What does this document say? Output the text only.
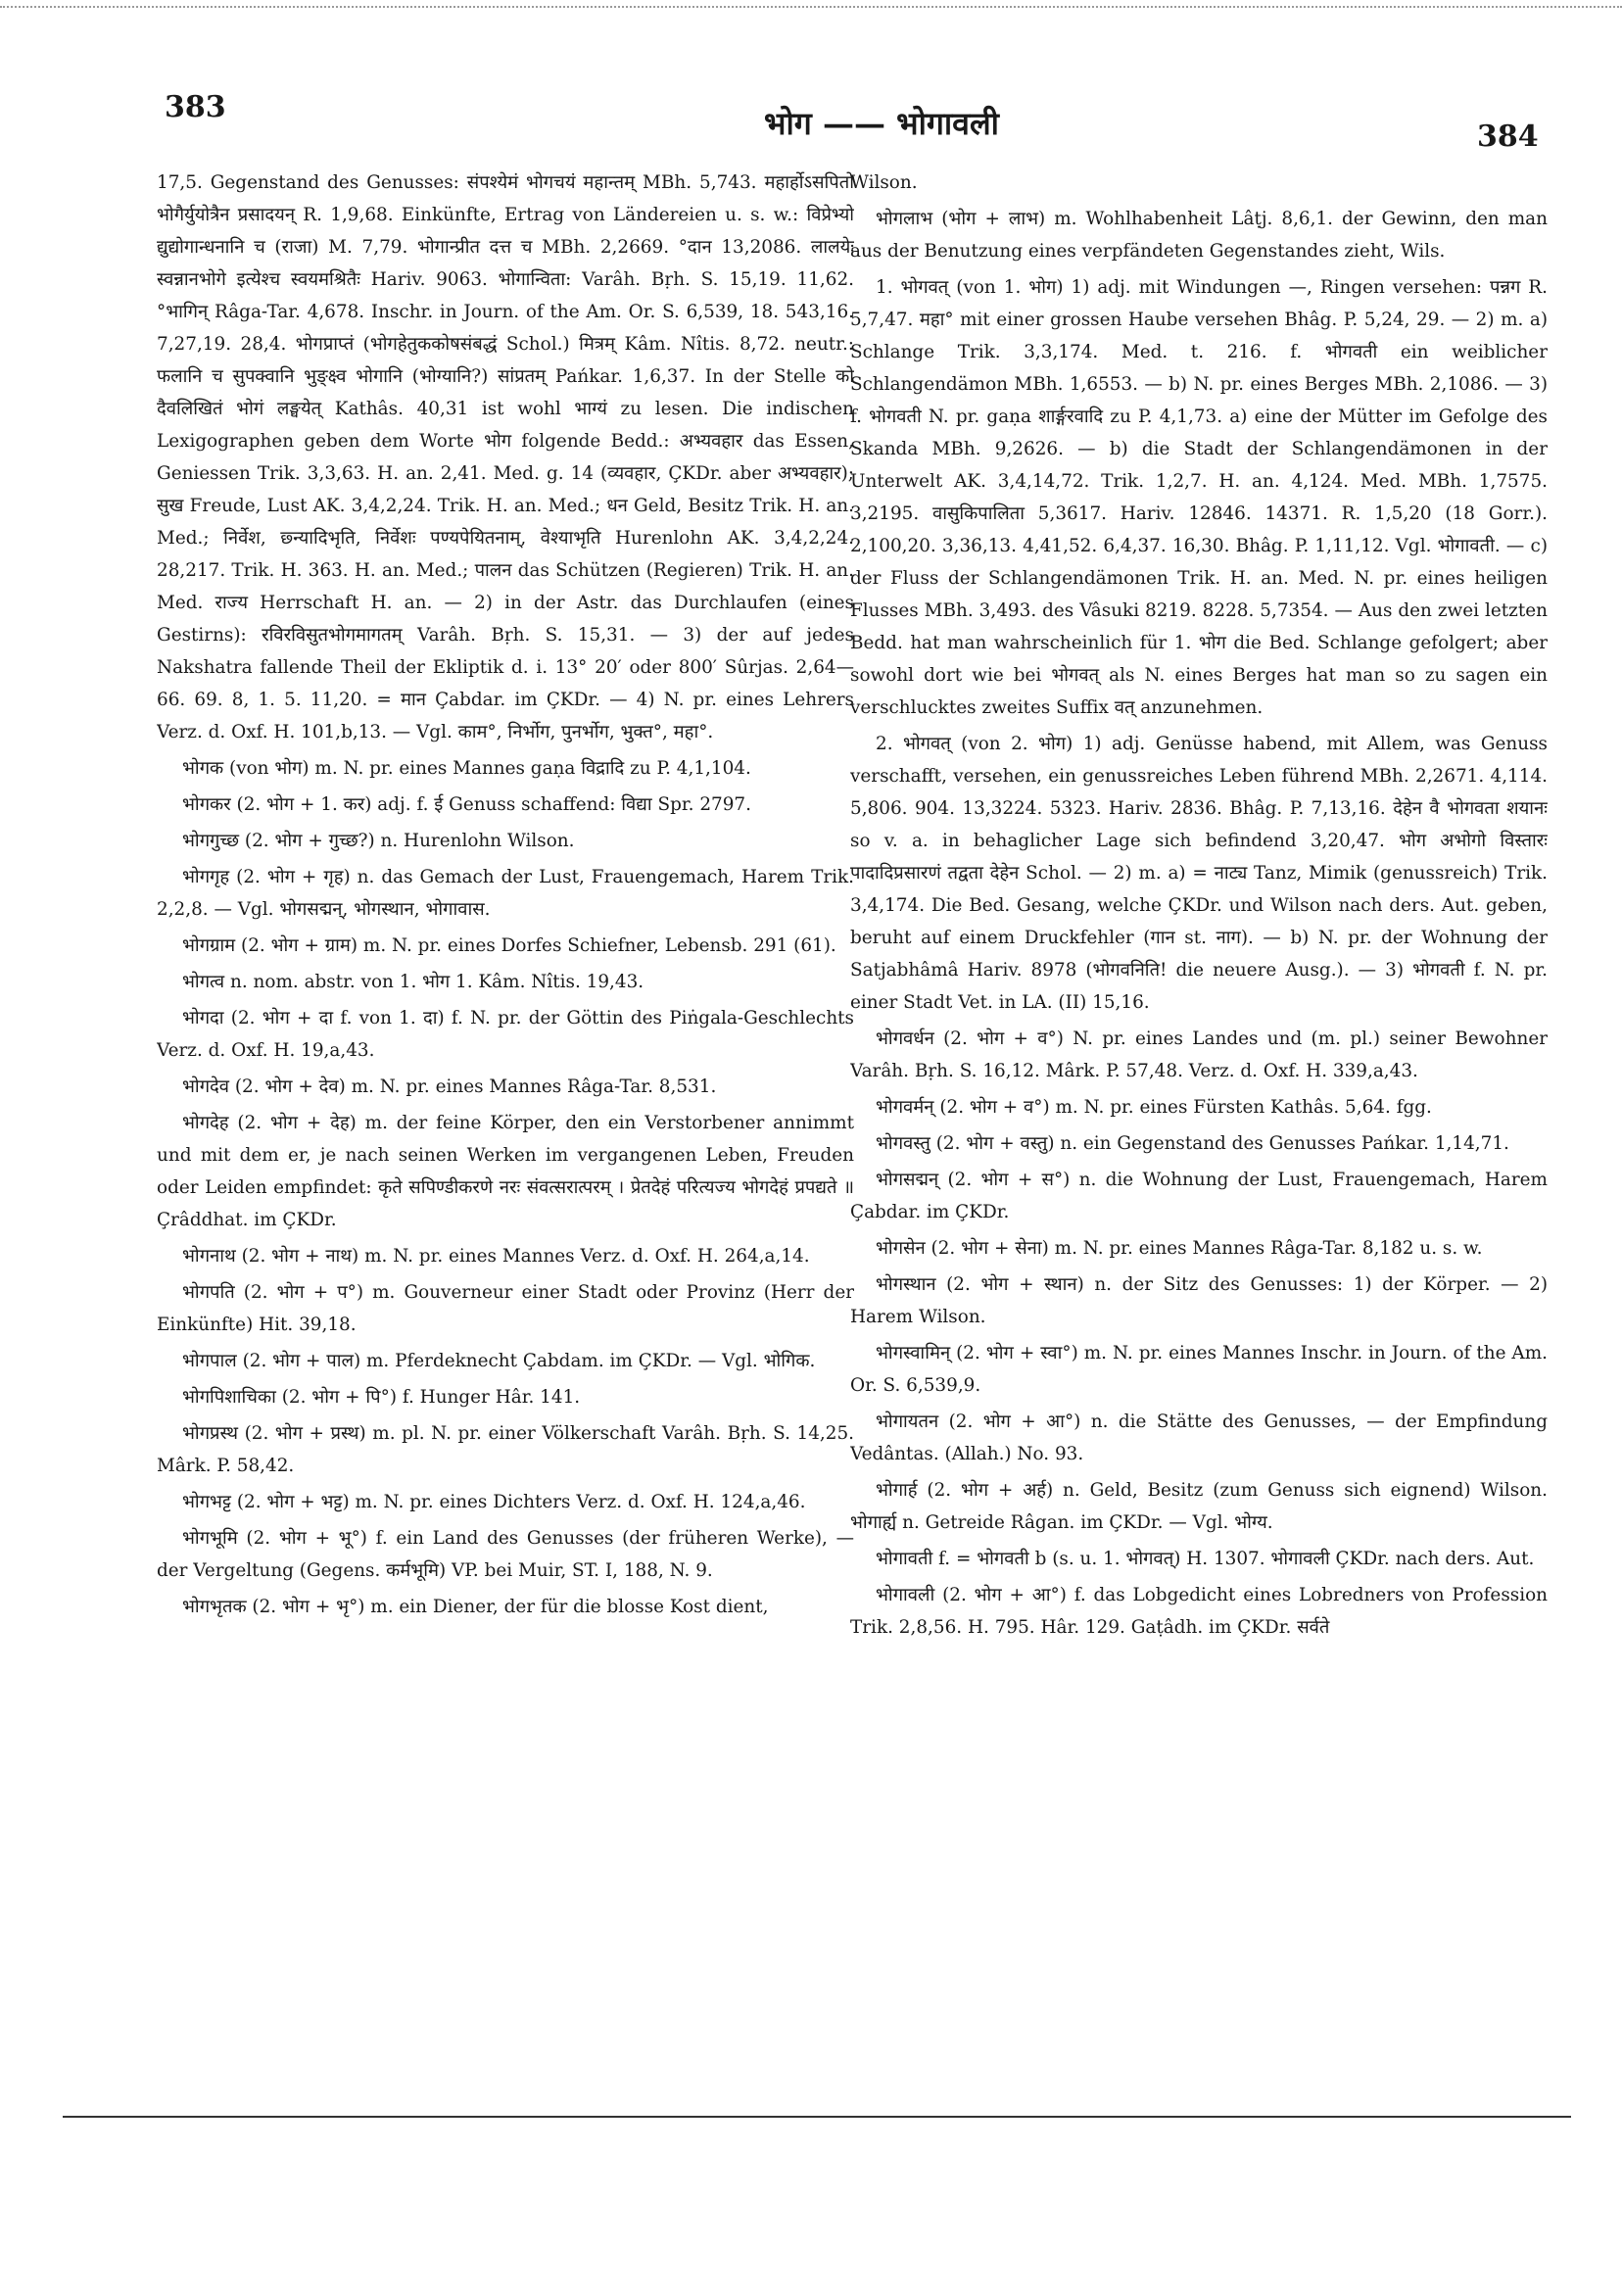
383	भोग —— भोगावली	384

17,5. Gegenstand des Genusses: संपश्येमं भोगचयं महान्तम् MBh. 5,743. महार्होऽसपितो भोगैर्युयोत्रैन प्रसादयन् R. 1,9,68. Einkünfte, Ertrag von Ländereien u. s. w.: विप्रेभ्यो द्युद्योगान्धनानि च (राजा) M. 7,79. भोगान्प्रीत दत्त च MBh. 2,2669. °दान 13,2086. लालयेः स्वन्नानभोगे इत्येश्च स्वयमश्रितैः Hariv. 9063. भोगान्विता: Varâh. Bṛh. S. 15,19. 11,62. °भागिन् Râga-Tar. 4,678. Inschr. in Journ. of the Am. Or. S. 6,539, 18. 543,16. 7,27,19. 28,4. भोगप्राप्तं (भोगहेतुककोषसंबद्धं Schol.) मित्रम् Kâm. Nîtis. 8,72. neutr.: फलानि च सुपक्वानि भुङ्क्ष्व भोगानि (भोग्यानि?) सांप्रतम् Pańkar. 1,6,37. In der Stelle को दैवलिखितं भोगं लङ्घयेत् Kathâs. 40,31 ist wohl भाग्यं zu lesen. Die indischen Lexigographen geben dem Worte भोग folgende Bedd.: अभ्यवहार das Essen, Geniessen Trik. 3,3,63. H. an. 2,41. Med. g. 14 (व्यवहार, ÇKDr. aber अभ्यवहार); सुख Freude, Lust AK. 3,4,2,24. Trik. H. an. Med.; धन Geld, Besitz Trik. H. an. Med.; निर्वेश, छ्न्यादिभृति, निर्वेशः पण्यपेयितनाम्, वेश्याभृति Hurenlohn AK. 3,4,2,24. 28,217. Trik. H. 363. H. an. Med.; पालन das Schützen (Regieren) Trik. H. an. Med. राज्य Herrschaft H. an. — 2) in der Astr. das Durchlaufen (eines Gestirns): रविरविसुतभोगमागतम् Varâh. Bṛh. S. 15,31. — 3) der auf jedes Nakshatra fallende Theil der Ekliptik d. i. 13° 20′ oder 800′ Sûrjas. 2,64—66. 69. 8, 1. 5. 11,20. = मान Çabdar. im ÇKDr. — 4) N. pr. eines Lehrers Verz. d. Oxf. H. 101,b,13. — Vgl. काम°, निर्भोग, पुनर्भोग, भुक्त°, महा°.

भोगक (von भोग) m. N. pr. eines Mannes gaṇa विद्रादि zu P. 4,1,104.

भोगकर (2. भोग + 1. कर) adj. f. ई Genuss schaffend: विद्या Spr. 2797.

भोगगुच्छ (2. भोग + गुच्छ?) n. Hurenlohn Wilson.

भोगगृह (2. भोग + गृह) n. das Gemach der Lust, Frauengemach, Harem Trik. 2,2,8. — Vgl. भोगसद्मन्, भोगस्थान, भोगावास.

भोगग्राम (2. भोग + ग्राम) m. N. pr. eines Dorfes Schiefner, Lebensb. 291 (61).

भोगत्व n. nom. abstr. von 1. भोग 1. Kâm. Nîtis. 19,43.

भोगदा (2. भोग + दा f. von 1. दा) f. N. pr. der Göttin des Piṅgala-Geschlechts Verz. d. Oxf. H. 19,a,43.

भोगदेव (2. भोग + देव) m. N. pr. eines Mannes Râga-Tar. 8,531.

भोगदेह (2. भोग + देह) m. der feine Körper, den ein Verstorbener annimmt und mit dem er, je nach seinen Werken im vergangenen Leben, Freuden oder Leiden empfindet: कृते सपिण्डीकरणे नरः संवत्सरात्परम् । प्रेतदेहं परित्यज्य भोगदेहं प्रपद्यते ॥ Çrâddhat. im ÇKDr.

भोगनाथ (2. भोग + नाथ) m. N. pr. eines Mannes Verz. d. Oxf. H. 264,a,14.

भोगपति (2. भोग + प°) m. Gouverneur einer Stadt oder Provinz (Herr der Einkünfte) Hit. 39,18.

भोगपाल (2. भोग + पाल) m. Pferdeknecht Çabdam. im ÇKDr. — Vgl. भोगिक.

भोगपिशाचिका (2. भोग + पि°) f. Hunger Hâr. 141.

भोगप्रस्थ (2. भोग + प्रस्थ) m. pl. N. pr. einer Völkerschaft Varâh. Bṛh. S. 14,25. Mârk. P. 58,42.

भोगभट्ट (2. भोग + भट्ट) m. N. pr. eines Dichters Verz. d. Oxf. H. 124,a,46.

भोगभूमि (2. भोग + भू°) f. ein Land des Genusses (der früheren Werke), — der Vergeltung (Gegens. कर्मभूमि) VP. bei Muir, ST. I, 188, N. 9.

भोगभृतक (2. भोग + भृ°) m. ein Diener, der für die blosse Kost dient,

Wilson.

भोगलाभ (भोग + लाभ) m. Wohlhabenheit Lâṭj. 8,6,1. der Gewinn, den man aus der Benutzung eines verpfändeten Gegenstandes zieht, Wils.

1. भोगवत् (von 1. भोग) 1) adj. mit Windungen —, Ringen versehen: पन्नग R. 5,7,47. महा° mit einer grossen Haube versehen Bhâg. P. 5,24, 29. — 2) m. a) Schlange Trik. 3,3,174. Med. t. 216. f. भोगवती ein weiblicher Schlangendämon MBh. 1,6553. — b) N. pr. eines Berges MBh. 2,1086. — 3) f. भोगवती N. pr. gaṇa शार्ङ्गरवादि zu P. 4,1,73. a) eine der Mütter im Gefolge des Skanda MBh. 9,2626. — b) die Stadt der Schlangendämonen in der Unterwelt AK. 3,4,14,72. Trik. 1,2,7. H. an. 4,124. Med. MBh. 1,7575. 3,2195. वासुकिपालिता 5,3617. Hariv. 12846. 14371. R. 1,5,20 (18 Gorr.). 2,100,20. 3,36,13. 4,41,52. 6,4,37. 16,30. Bhâg. P. 1,11,12. Vgl. भोगावती. — c) der Fluss der Schlangendämonen Trik. H. an. Med. N. pr. eines heiligen Flusses MBh. 3,493. des Vâsuki 8219. 8228. 5,7354. — Aus den zwei letzten Bedd. hat man wahrscheinlich für 1. भोग die Bed. Schlange gefolgert; aber sowohl dort wie bei भोगवत् als N. eines Berges hat man so zu sagen ein verschlucktes zweites Suffix वत् anzunehmen.

2. भोगवत् (von 2. भोग) 1) adj. Genüsse habend, mit Allem, was Genuss verschafft, versehen, ein genussreiches Leben führend MBh. 2,2671. 4,114. 5,806. 904. 13,3224. 5323. Hariv. 2836. Bhâg. P. 7,13,16. देहेन वै भोगवता शयानः so v. a. in behaglicher Lage sich befindend 3,20,47. भोग अभोगो विस्तारः पादादिप्रसारणं तद्वता देहेन Schol. — 2) m. a) = नाट्य Tanz, Mimik (genussreich) Trik. 3,4,174. Die Bed. Gesang, welche ÇKDr. und Wilson nach ders. Aut. geben, beruht auf einem Druckfehler (गान st. नाग). — b) N. pr. der Wohnung der Satjabhâmâ Hariv. 8978 (भोगवनिति! die neuere Ausg.). — 3) भोगवती f. N. pr. einer Stadt Vet. in LA. (II) 15,16.

भोगवर्धन (2. भोग + व°) N. pr. eines Landes und (m. pl.) seiner Bewohner Varâh. Bṛh. S. 16,12. Mârk. P. 57,48. Verz. d. Oxf. H. 339,a,43.

भोगवर्मन् (2. भोग + व°) m. N. pr. eines Fürsten Kathâs. 5,64. fgg.

भोगवस्तु (2. भोग + वस्तु) n. ein Gegenstand des Genusses Pańkar. 1,14,71.

भोगसद्मन् (2. भोग + स°) n. die Wohnung der Lust, Frauengemach, Harem Çabdar. im ÇKDr.

भोगसेन (2. भोग + सेना) m. N. pr. eines Mannes Râga-Tar. 8,182 u. s. w.

भोगस्थान (2. भोग + स्थान) n. der Sitz des Genusses: 1) der Körper. — 2) Harem Wilson.

भोगस्वामिन् (2. भोग + स्वा°) m. N. pr. eines Mannes Inschr. in Journ. of the Am. Or. S. 6,539,9.

भोगायतन (2. भोग + आ°) n. die Stätte des Genusses, — der Empfindung Vedântas. (Allah.) No. 93.

भोगार्ह (2. भोग + अर्ह) n. Geld, Besitz (zum Genuss sich eignend) Wilson. भोगार्ह्य n. Getreide Râgan. im ÇKDr. — Vgl. भोग्य.

भोगावती f. = भोगवती b (s. u. 1. भोगवत्) H. 1307. भोगावली ÇKDr. nach ders. Aut.

भोगावली (2. भोग + आ°) f. das Lobgedicht eines Lobredners von Profession Trik. 2,8,56. H. 795. Hâr. 129. Gaṭâdh. im ÇKDr. सर्वते
